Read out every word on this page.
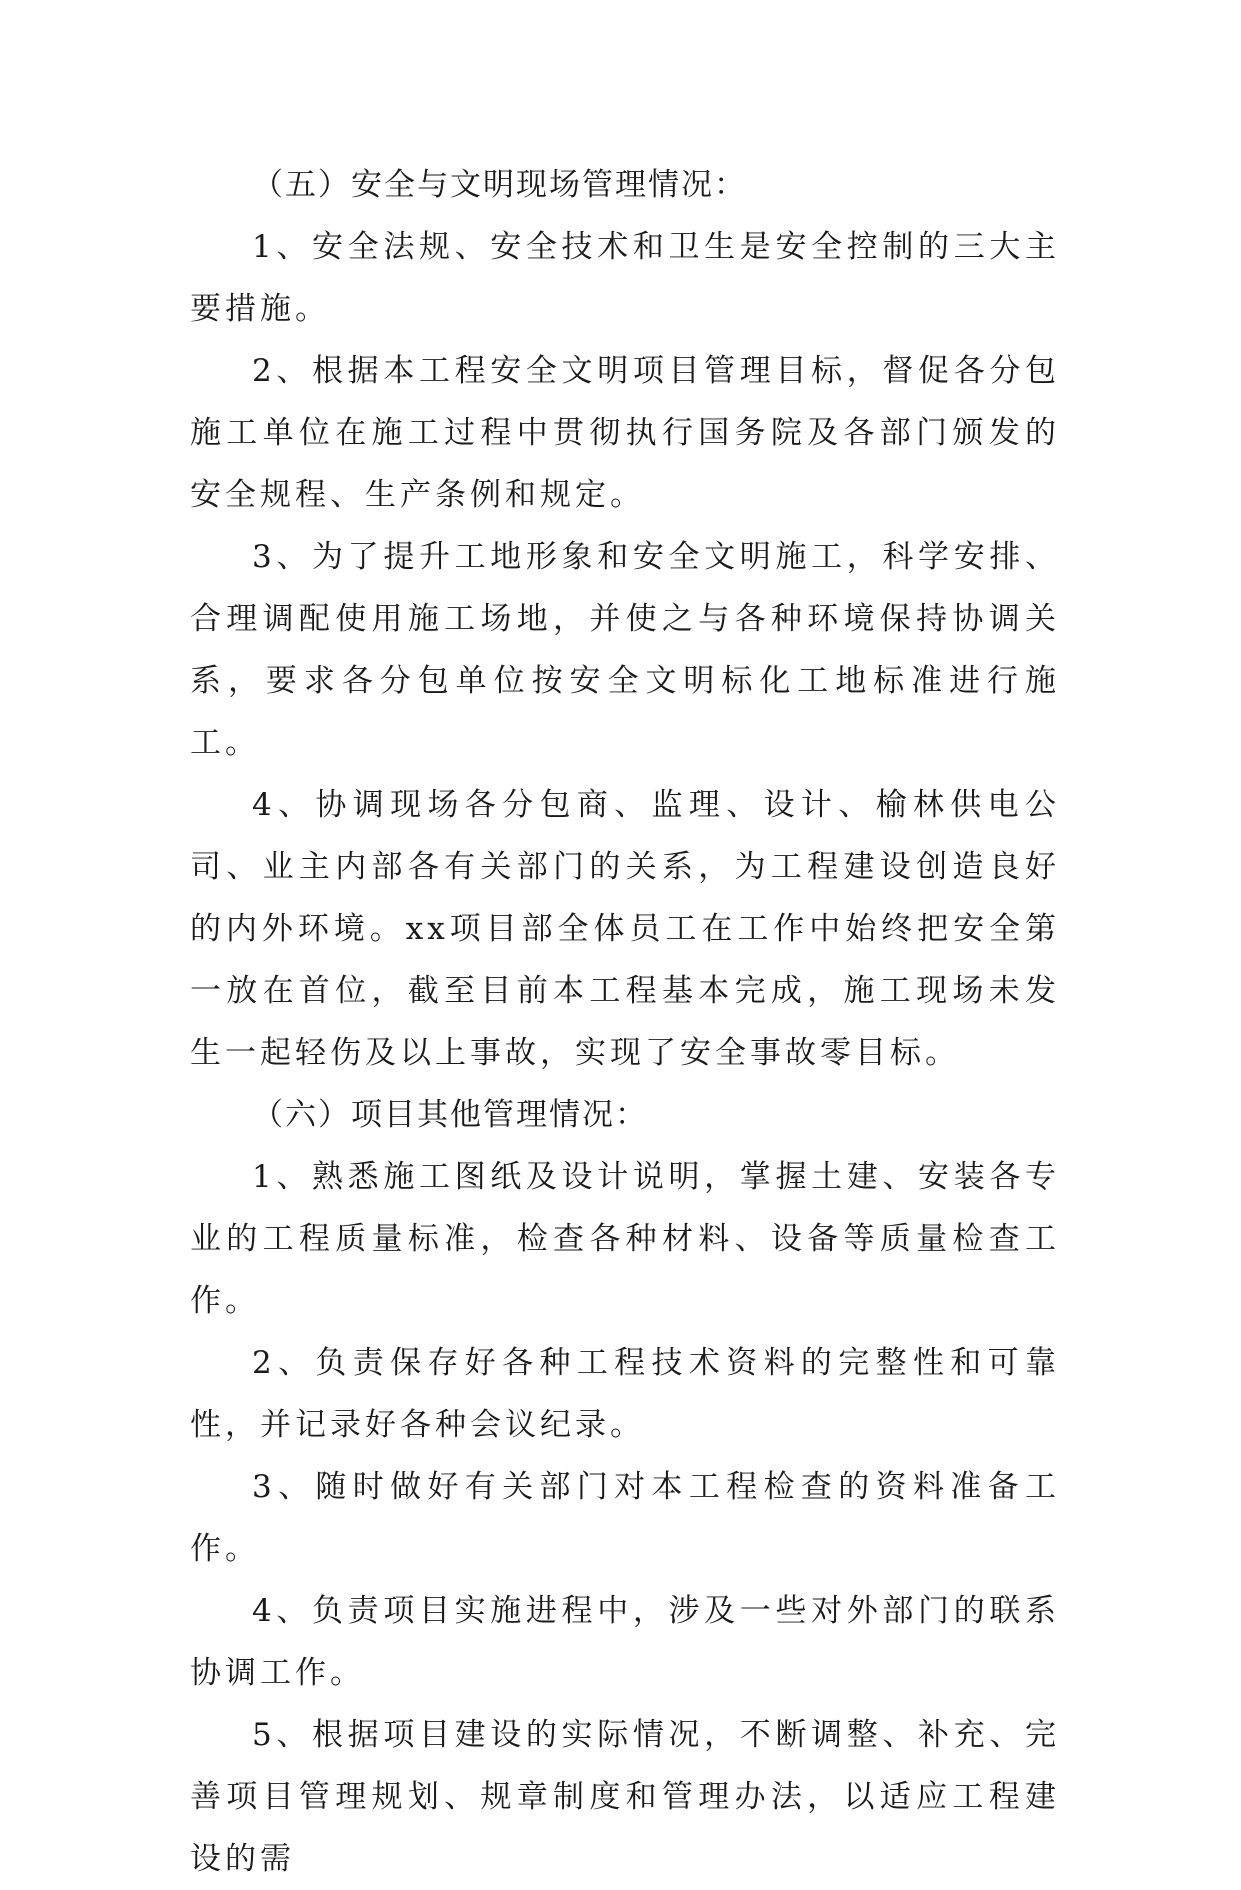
（五）安全与文明现场管理情况：

1、安全法规、安全技术和卫生是安全控制的三大主要措施。

2、根据本工程安全文明项目管理目标，督促各分包施工单位在施工过程中贯彻执行国务院及各部门颁发的安全规程、生产条例和规定。

3、为了提升工地形象和安全文明施工，科学安排、合理调配使用施工场地，并使之与各种环境保持协调关系，要求各分包单位按安全文明标化工地标准进行施工。

4、协调现场各分包商、监理、设计、榆林供电公司、业主内部各有关部门的关系，为工程建设创造良好的内外环境。xx项目部全体员工在工作中始终把安全第一放在首位，截至目前本工程基本完成，施工现场未发生一起轻伤及以上事故，实现了安全事故零目标。

（六）项目其他管理情况：

1、熟悉施工图纸及设计说明，掌握土建、安装各专业的工程质量标准，检查各种材料、设备等质量检查工作。

2、负责保存好各种工程技术资料的完整性和可靠性，并记录好各种会议纪录。

3、随时做好有关部门对本工程检查的资料准备工作。

4、负责项目实施进程中，涉及一些对外部门的联系协调工作。

5、根据项目建设的实际情况，不断调整、补充、完善项目管理规划、规章制度和管理办法，以适应工程建设的需
